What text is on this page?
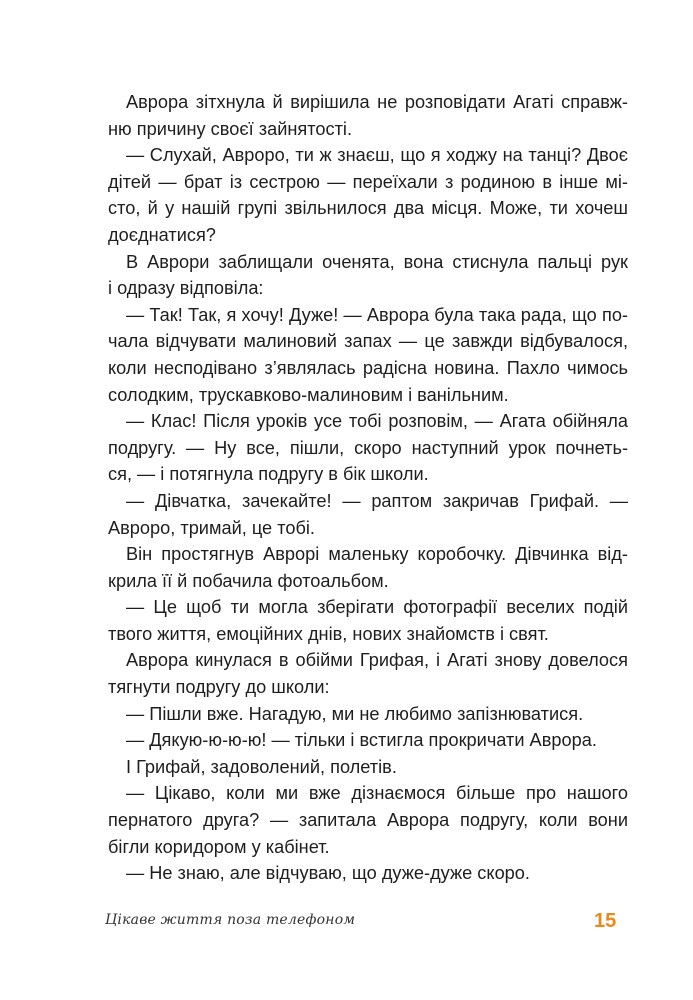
Аврора зітхнула й вирішила не розповідати Агаті справж-
ню причину своєї зайнятості.
— Слухай, Авроро, ти ж знаєш, що я ходжу на танці? Двоє
дітей — брат із сестрою — переїхали з родиною в інше мі-
сто, й у нашій групі звільнилося два місця. Може, ти хочеш
доєднатися?
В Аврори заблищали оченята, вона стиснула пальці рук
і одразу відповіла:
— Так! Так, я хочу! Дуже! — Аврора була така рада, що по-
чала відчувати малиновий запах — це завжди відбувалося,
коли несподівано з’являлась радісна новина. Пахло чимось
солодким, трускавково-малиновим і ванільним.
— Клас! Після уроків усе тобі розповім, — Агата обійняла
подругу. — Ну все, пішли, скоро наступний урок почнеть-
ся, — і потягнула подругу в бік школи.
— Дівчатка, зачекайте! — раптом закричав Грифай. —
Авроро, тримай, це тобі.
Він простягнув Аврорі маленьку коробочку. Дівчинка від-
крила її й побачила фотоальбом.
— Це щоб ти могла зберігати фотографії веселих подій
твого життя, емоційних днів, нових знайомств і свят.
Аврора кинулася в обійми Грифая, і Агаті знову довелося
тягнути подругу до школи:
— Пішли вже. Нагадую, ми не любимо запізнюватися.
— Дякую-ю-ю-ю! — тільки і встигла прокричати Аврора.
І Грифай, задоволений, полетів.
— Цікаво, коли ми вже дізнаємося більше про нашого
пернатого друга? — запитала Аврора подругу, коли вони
бігли коридором у кабінет.
— Не знаю, але відчуваю, що дуже-дуже скоро.
Цікаве життя поза телефоном	15
